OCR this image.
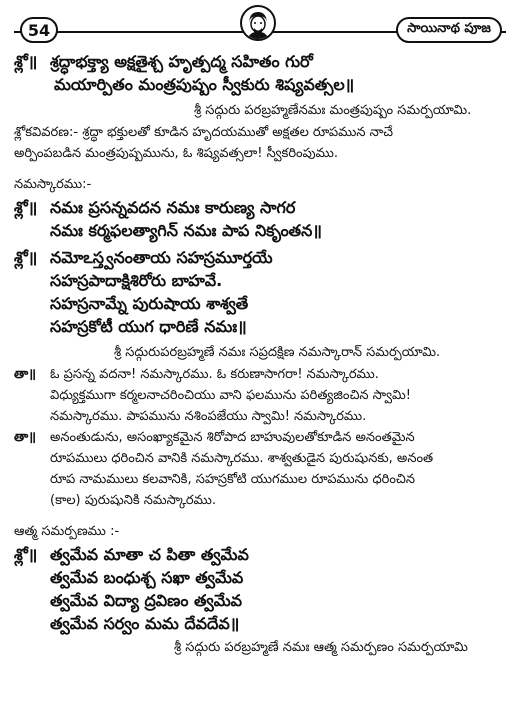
54	సాయినాథ పూజ
శ్లో॥ శ్రద్ధాభక్త్యా అక్షతైశ్చ హృత్పద్మ సహితం గురో
మయార్పితం మంత్రపుష్పం స్వీకురు శిష్యవత్సల॥
శ్రీ సద్గురు పరబ్రహ్మణేనమః మంత్రపుష్పం సమర్పయామి.
శ్లోకవివరణ:- శ్రద్ధా భక్తులతో కూడిన హృదయముతో అక్షతల రూపమున నాచే
అర్పింపబడిన మంత్రపుష్పమును, ఓ శిష్యవత్సలా! స్వీకరింపుము.
నమస్కారము:-
శ్లో॥ నమః ప్రసన్నవదన నమః కారుణ్య సాగర
నమః కర్మఫలత్యాగిన్ నమః పాప నికృంతన॥
శ్లో॥ నమోఽస్త్వనంతాయ సహస్రమూర్తయే
సహస్రపాదాక్షిశిరోరు బాహవే.
సహస్రనామ్నే పురుషాయ శాశ్వతే
సహస్రకోటీ యుగ ధారిణే నమః॥
శ్రీ సద్గురుపరబ్రహ్మణే నమః సప్రదక్షిణ నమస్కారాన్ సమర్పయామి.
తా॥ ఓ ప్రసన్న వదనా! నమస్కారము. ఓ కరుణాసాగరా! నమస్కారము.
విధ్యుక్తముగా కర్మలనాచరించియు వాని ఫలమును పరిత్యజించిన స్వామి!
నమస్కారము. పాపమును నశింపజేయు స్వామి! నమస్కారము.
తా॥ అనంతుడును, అసంఖ్యాకమైన శిరోపాద బాహువులతోకూడిన అనంతమైన
రూపములు ధరించిన వానికి నమస్కారము. శాశ్వతుడైన పురుషునకు, అనంత
రూప నామములు కలవానికి, సహస్రకోటి యుగముల రూపమును ధరించిన
(కాల) పురుషునికి నమస్కారము.
ఆత్మ సమర్పణము :-
శ్లో॥ త్వమేవ మాతా చ పితా త్వమేవ
త్వమేవ బంధుశ్చ సఖా త్వమేవ
త్వమేవ విద్యా ద్రవిణం త్వమేవ
త్వమేవ సర్వం మమ దేవదేవ॥
శ్రీ సద్గురు పరబ్రహ్మణే నమః ఆత్మ సమర్పణం సమర్పయామి
